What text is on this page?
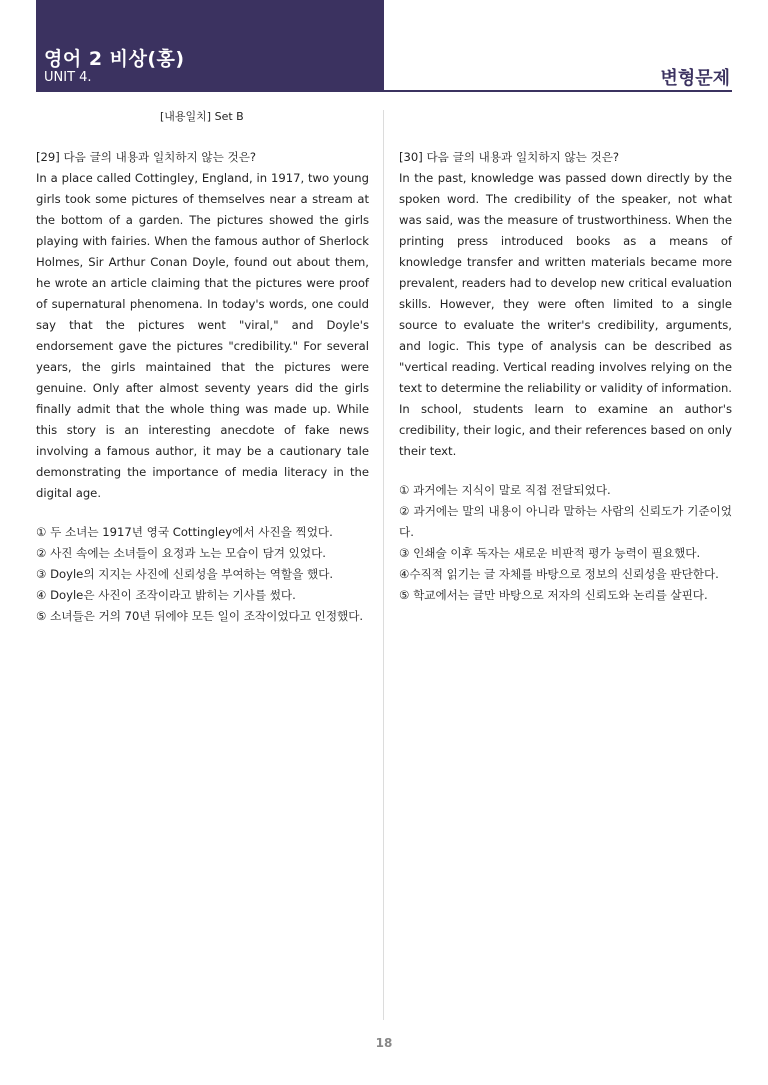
영어 2 비상(홍)
UNIT 4.	변형문제
[내용일치] Set B

[29] 다음 글의 내용과 일치하지 않는 것은?

In a place called Cottingley, England, in 1917, two young girls took some pictures of themselves near a stream at the bottom of a garden. The pictures showed the girls playing with fairies. When the famous author of Sherlock Holmes, Sir Arthur Conan Doyle, found out about them, he wrote an article claiming that the pictures were proof of supernatural phenomena. In today's words, one could say that the pictures went "viral," and Doyle's endorsement gave the pictures "credibility." For several years, the girls maintained that the pictures were genuine. Only after almost seventy years did the girls finally admit that the whole thing was made up. While this story is an interesting anecdote of fake news involving a famous author, it may be a cautionary tale demonstrating the importance of media literacy in the digital age.

① 두 소녀는 1917년 영국 Cottingley에서 사진을 찍었다.

② 사진 속에는 소녀들이 요정과 노는 모습이 담겨 있었다.

③ Doyle의 지지는 사진에 신뢰성을 부여하는 역할을 했다.

④ Doyle은 사진이 조작이라고 밝히는 기사를 썼다.

⑤ 소녀들은 거의 70년 뒤에야 모든 일이 조작이었다고 인정했다.

[30] 다음 글의 내용과 일치하지 않는 것은?

In the past, knowledge was passed down directly by the spoken word. The credibility of the speaker, not what was said, was the measure of trustworthiness. When the printing press introduced books as a means of knowledge transfer and written materials became more prevalent, readers had to develop new critical evaluation skills. However, they were often limited to a single source to evaluate the writer's credibility, arguments, and logic. This type of analysis can be described as "vertical reading. Vertical reading involves relying on the text to determine the reliability or validity of information. In school, students learn to examine an author's credibility, their logic, and their references based on only their text.

① 과거에는 지식이 말로 직접 전달되었다.

② 과거에는 말의 내용이 아니라 말하는 사람의 신뢰도가 기준이었다.

③ 인쇄술 이후 독자는 새로운 비판적 평가 능력이 필요했다.

④수직적 읽기는 글 자체를 바탕으로 정보의 신뢰성을 판단한다.

⑤ 학교에서는 글만 바탕으로 저자의 신뢰도와 논리를 살핀다.

18
